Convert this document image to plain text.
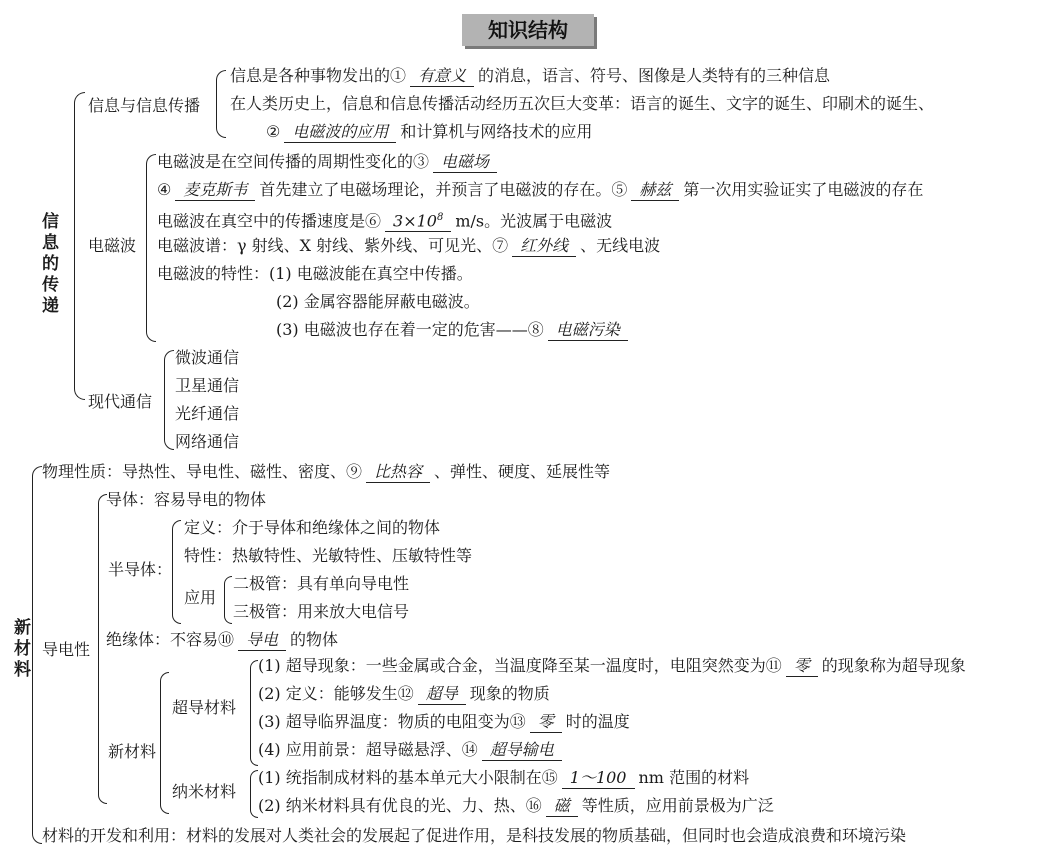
知识结构
信息的传递
信息与信息传播
信息是各种事物发出的① 有意义 的消息，语言、符号、图像是人类特有的三种信息
在人类历史上，信息和信息传播活动经历五次巨大变革：语言的诞生、文字的诞生、印刷术的诞生、
② 电磁波的应用 和计算机与网络技术的应用
电磁波
电磁波是在空间传播的周期性变化的③ 电磁场
④ 麦克斯韦 首先建立了电磁场理论，并预言了电磁波的存在。⑤ 赫兹 第一次用实验证实了电磁波的存在
电磁波在真空中的传播速度是⑥ $3\times 10^8$ m/s。光波属于电磁波
电磁波谱：γ 射线、X 射线、紫外线、可见光、⑦ 红外线 、无线电波
电磁波的特性：(1) 电磁波能在真空中传播。
(2) 金属容器能屏蔽电磁波。
(3) 电磁波也存在着一定的危害——⑧ 电磁污染
现代通信
微波通信
卫星通信
光纤通信
网络通信
新材料
物理性质：导热性、导电性、磁性、密度、⑨ 比热容 、弹性、硬度、延展性等
导电性
导体：容易导电的物体
半导体：
定义：介于导体和绝缘体之间的物体
特性：热敏特性、光敏特性、压敏特性等
应用
二极管：具有单向导电性
三极管：用来放大电信号
绝缘体：不容易⑩ 导电 的物体
新材料
超导材料
(1) 超导现象：一些金属或合金，当温度降至某一温度时，电阻突然变为⑪ 零 的现象称为超导现象
(2) 定义：能够发生⑫ 超导 现象的物质
(3) 超导临界温度：物质的电阻变为⑬ 零 时的温度
(4) 应用前景：超导磁悬浮、⑭ 超导输电
纳米材料
(1) 统指制成材料的基本单元大小限制在⑮ 1～100 nm 范围的材料
(2) 纳米材料具有优良的光、力、热、⑯ 磁 等性质，应用前景极为广泛
材料的开发和利用：材料的发展对人类社会的发展起了促进作用，是科技发展的物质基础，但同时也会造成浪费和环境污染
